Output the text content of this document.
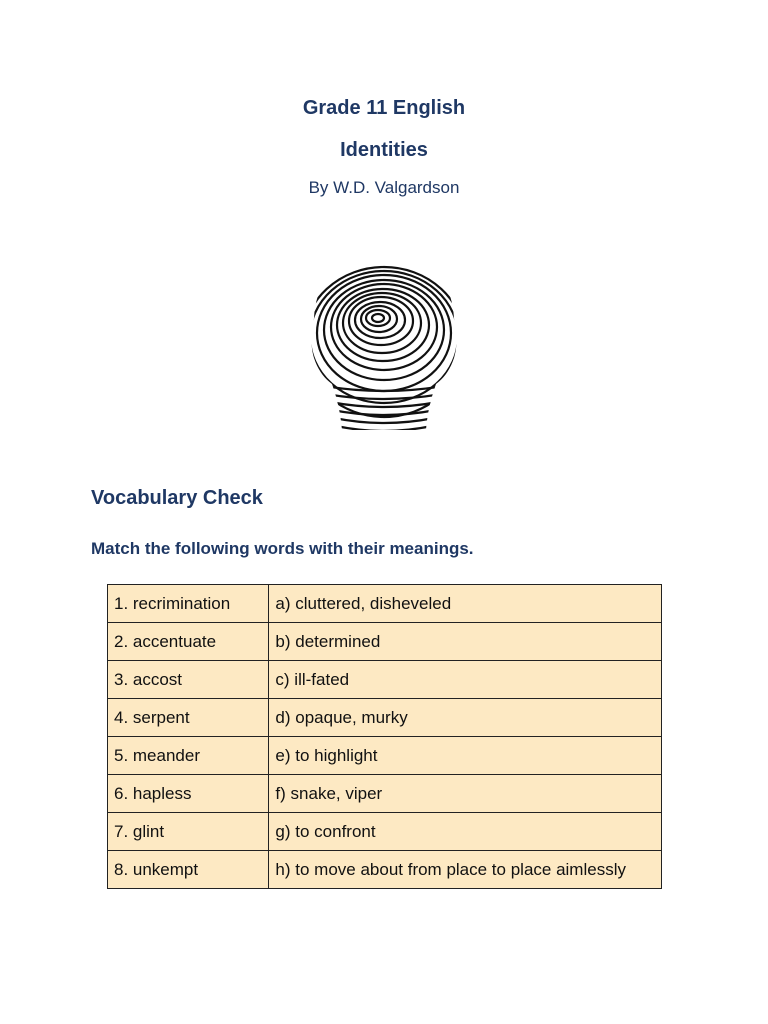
Grade 11 English
Identities
By W.D. Valgardson
Vocabulary Check
Match the following words with their meanings.
1. recrimination	a) cluttered, disheveled
2. accentuate	b) determined
3. accost	c) ill-fated
4. serpent	d) opaque, murky
5. meander	e) to highlight
6. hapless	f) snake, viper
7. glint	g) to confront
8. unkempt	h) to move about from place to place aimlessly
